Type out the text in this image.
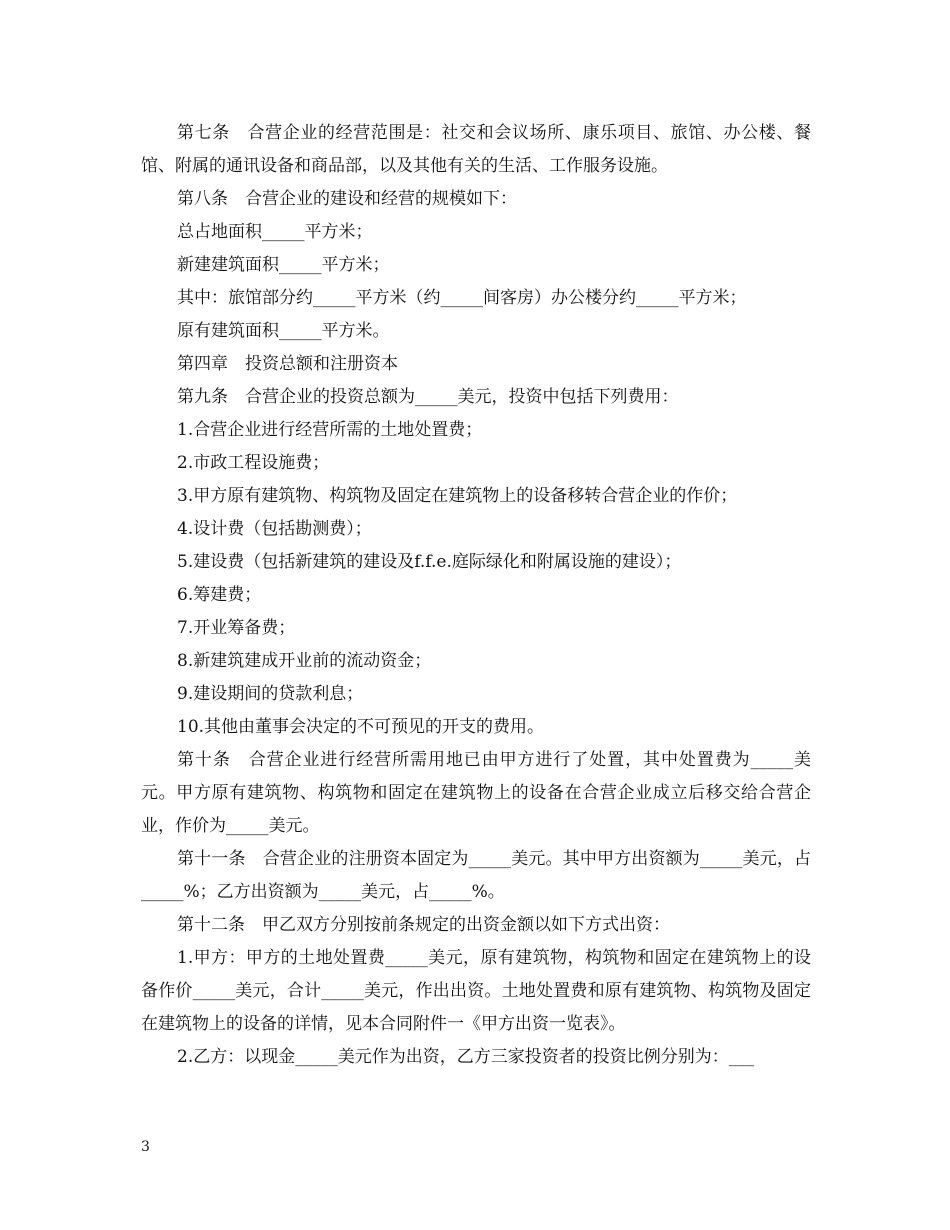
第七条　合营企业的经营范围是：社交和会议场所、康乐项目、旅馆、办公楼、餐馆、附属的通讯设备和商品部，以及其他有关的生活、工作服务设施。

第八条　合营企业的建设和经营的规模如下：

总占地面积_____平方米；

新建建筑面积_____平方米；

其中：旅馆部分约_____平方米（约_____间客房）办公楼分约_____平方米；

原有建筑面积_____平方米。

第四章　投资总额和注册资本

第九条　合营企业的投资总额为_____美元，投资中包括下列费用：

1.合营企业进行经营所需的土地处置费；

2.市政工程设施费；

3.甲方原有建筑物、构筑物及固定在建筑物上的设备移转合营企业的作价；

4.设计费（包括勘测费）；

5.建设费（包括新建筑的建设及f.f.e.庭际绿化和附属设施的建设）；

6.筹建费；

7.开业筹备费；

8.新建筑建成开业前的流动资金；

9.建设期间的贷款利息；

10.其他由董事会决定的不可预见的开支的费用。

第十条　合营企业进行经营所需用地已由甲方进行了处置，其中处置费为_____美元。甲方原有建筑物、构筑物和固定在建筑物上的设备在合营企业成立后移交给合营企业，作价为_____美元。

第十一条　合营企业的注册资本固定为_____美元。其中甲方出资额为_____美元，占_____%；乙方出资额为_____美元，占_____%。

第十二条　甲乙双方分别按前条规定的出资金额以如下方式出资：

1.甲方：甲方的土地处置费_____美元，原有建筑物，构筑物和固定在建筑物上的设备作价_____美元，合计_____美元，作出出资。土地处置费和原有建筑物、构筑物及固定在建筑物上的设备的详情，见本合同附件一《甲方出资一览表》。

2.乙方：以现金_____美元作为出资，乙方三家投资者的投资比例分别为：___

3
